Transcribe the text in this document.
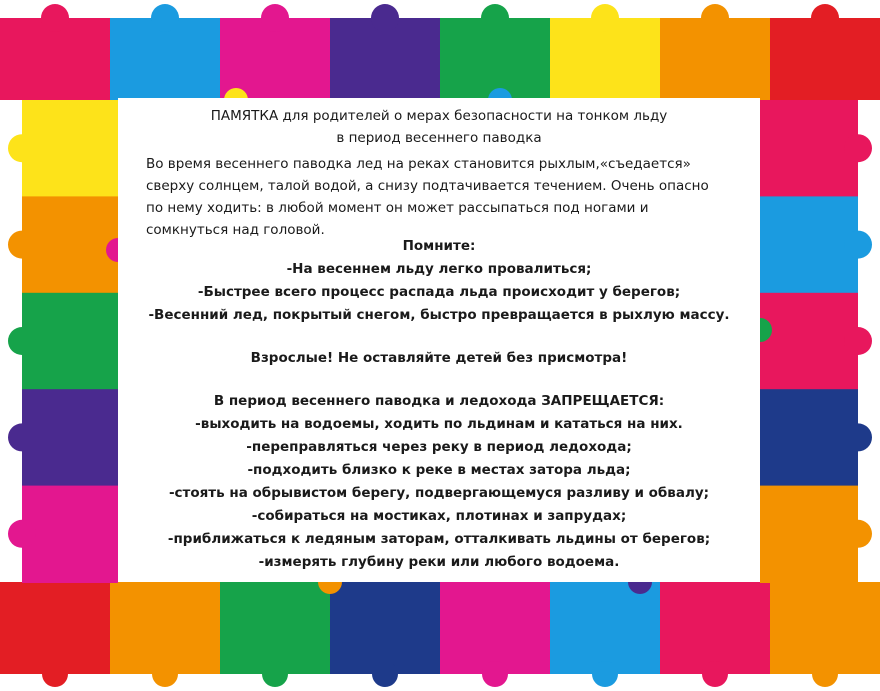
ПАМЯТКА для родителей о мерах безопасности на тонком льду
в период весеннего паводка
Во время весеннего паводка лед на реках становится рыхлым,«съедается»
сверху солнцем, талой водой, а снизу подтачивается течением. Очень опасно
по нему ходить: в любой момент он может рассыпаться под ногами и
сомкнуться над головой.
Помните:
-На весеннем льду легко провалиться;
-Быстрее всего процесс распада льда происходит у берегов;
-Весенний лед, покрытый снегом, быстро превращается в рыхлую массу.
Взрослые! Не оставляйте детей без присмотра!
В период весеннего паводка и ледохода ЗАПРЕЩАЕТСЯ:
-выходить на водоемы, ходить по льдинам и кататься на них.
-переправляться через реку в период ледохода;
-подходить близко к реке в местах затора льда;
-стоять на обрывистом берегу, подвергающемуся разливу и обвалу;
-собираться на мостиках, плотинах и запрудах;
-приближаться к ледяным заторам, отталкивать льдины от берегов;
-измерять глубину реки или любого водоема.
